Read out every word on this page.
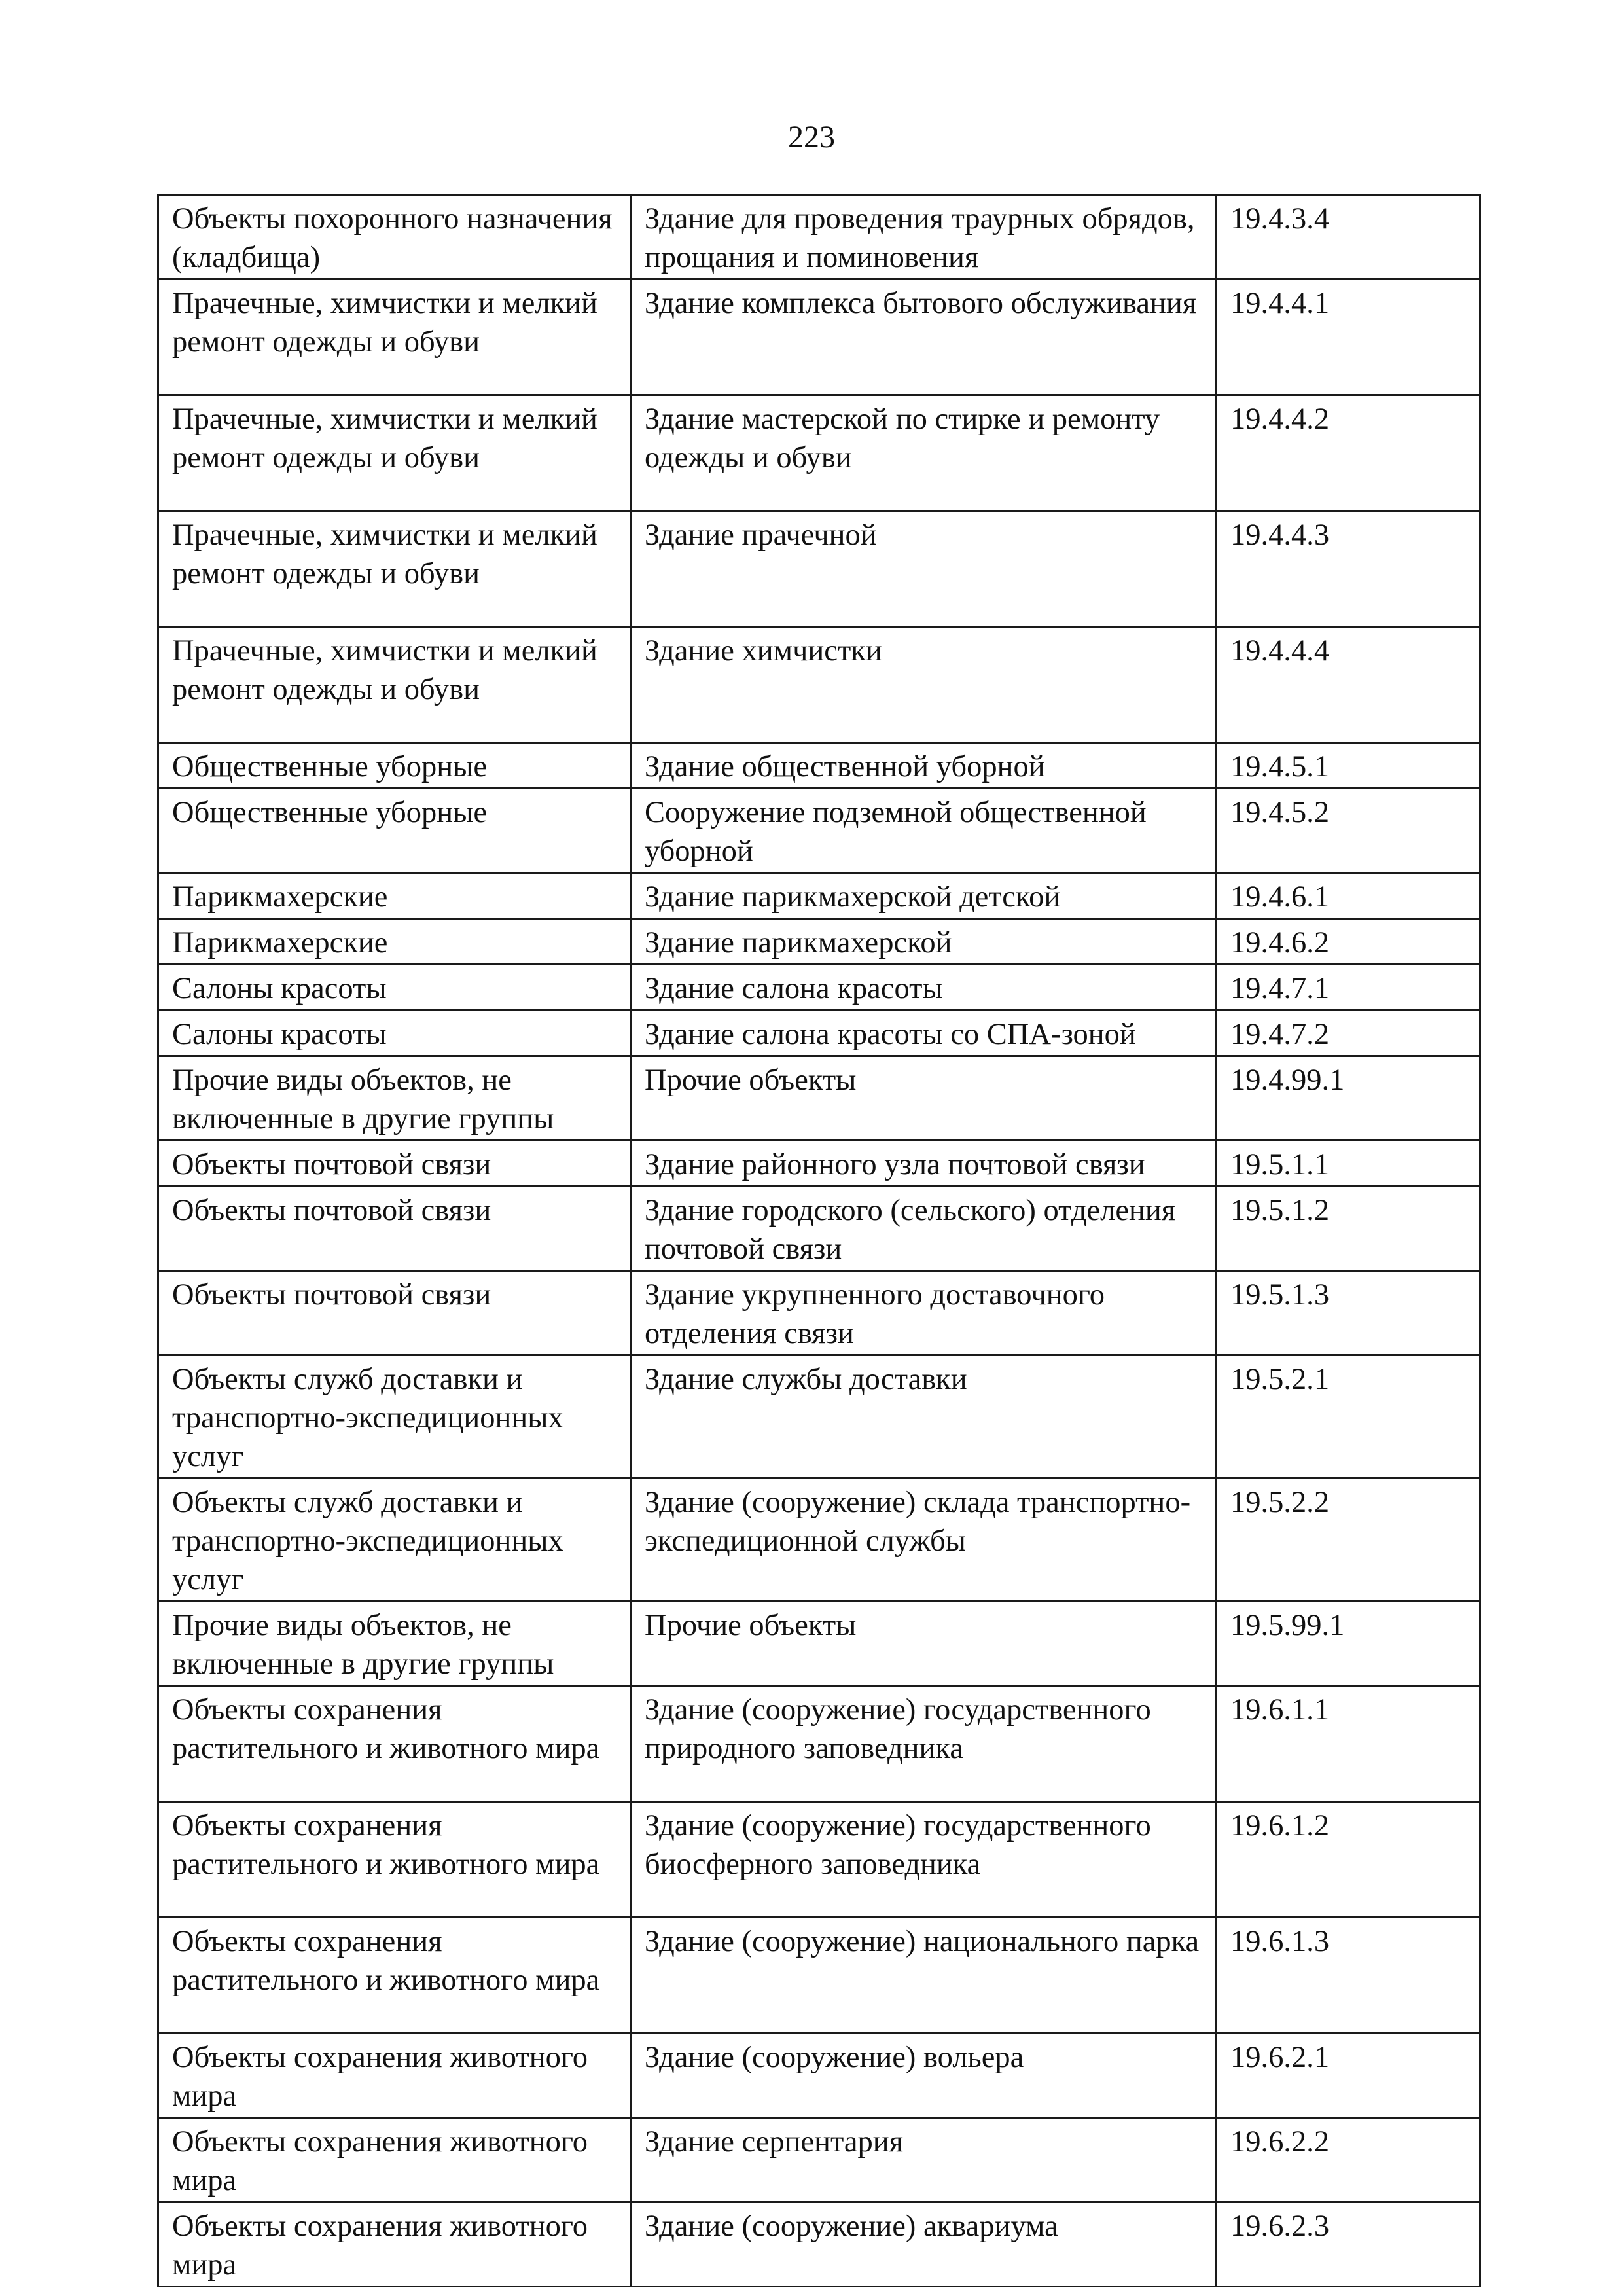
223
Объекты похоронного назначения (кладбища)	Здание для проведения траурных обрядов, прощания и поминовения	19.4.3.4
Прачечные, химчистки и мелкий ремонт одежды и обуви	Здание комплекса бытового обслуживания	19.4.4.1
Прачечные, химчистки и мелкий ремонт одежды и обуви	Здание мастерской по стирке и ремонту одежды и обуви	19.4.4.2
Прачечные, химчистки и мелкий ремонт одежды и обуви	Здание прачечной	19.4.4.3
Прачечные, химчистки и мелкий ремонт одежды и обуви	Здание химчистки	19.4.4.4
Общественные уборные	Здание общественной уборной	19.4.5.1
Общественные уборные	Сооружение подземной общественной уборной	19.4.5.2
Парикмахерские	Здание парикмахерской детской	19.4.6.1
Парикмахерские	Здание парикмахерской	19.4.6.2
Салоны красоты	Здание салона красоты	19.4.7.1
Салоны красоты	Здание салона красоты со СПА-зоной	19.4.7.2
Прочие виды объектов, не включенные в другие группы	Прочие объекты	19.4.99.1
Объекты почтовой связи	Здание районного узла почтовой связи	19.5.1.1
Объекты почтовой связи	Здание городского (сельского) отделения почтовой связи	19.5.1.2
Объекты почтовой связи	Здание укрупненного доставочного отделения связи	19.5.1.3
Объекты служб доставки и транспортно-экспедиционных услуг	Здание службы доставки	19.5.2.1
Объекты служб доставки и транспортно-экспедиционных услуг	Здание (сооружение) склада транспортно-экспедиционной службы	19.5.2.2
Прочие виды объектов, не включенные в другие группы	Прочие объекты	19.5.99.1
Объекты сохранения растительного и животного мира	Здание (сооружение) государственного природного заповедника	19.6.1.1
Объекты сохранения растительного и животного мира	Здание (сооружение) государственного биосферного заповедника	19.6.1.2
Объекты сохранения растительного и животного мира	Здание (сооружение) национального парка	19.6.1.3
Объекты сохранения животного мира	Здание (сооружение) вольера	19.6.2.1
Объекты сохранения животного мира	Здание серпентария	19.6.2.2
Объекты сохранения животного мира	Здание (сооружение) аквариума	19.6.2.3
